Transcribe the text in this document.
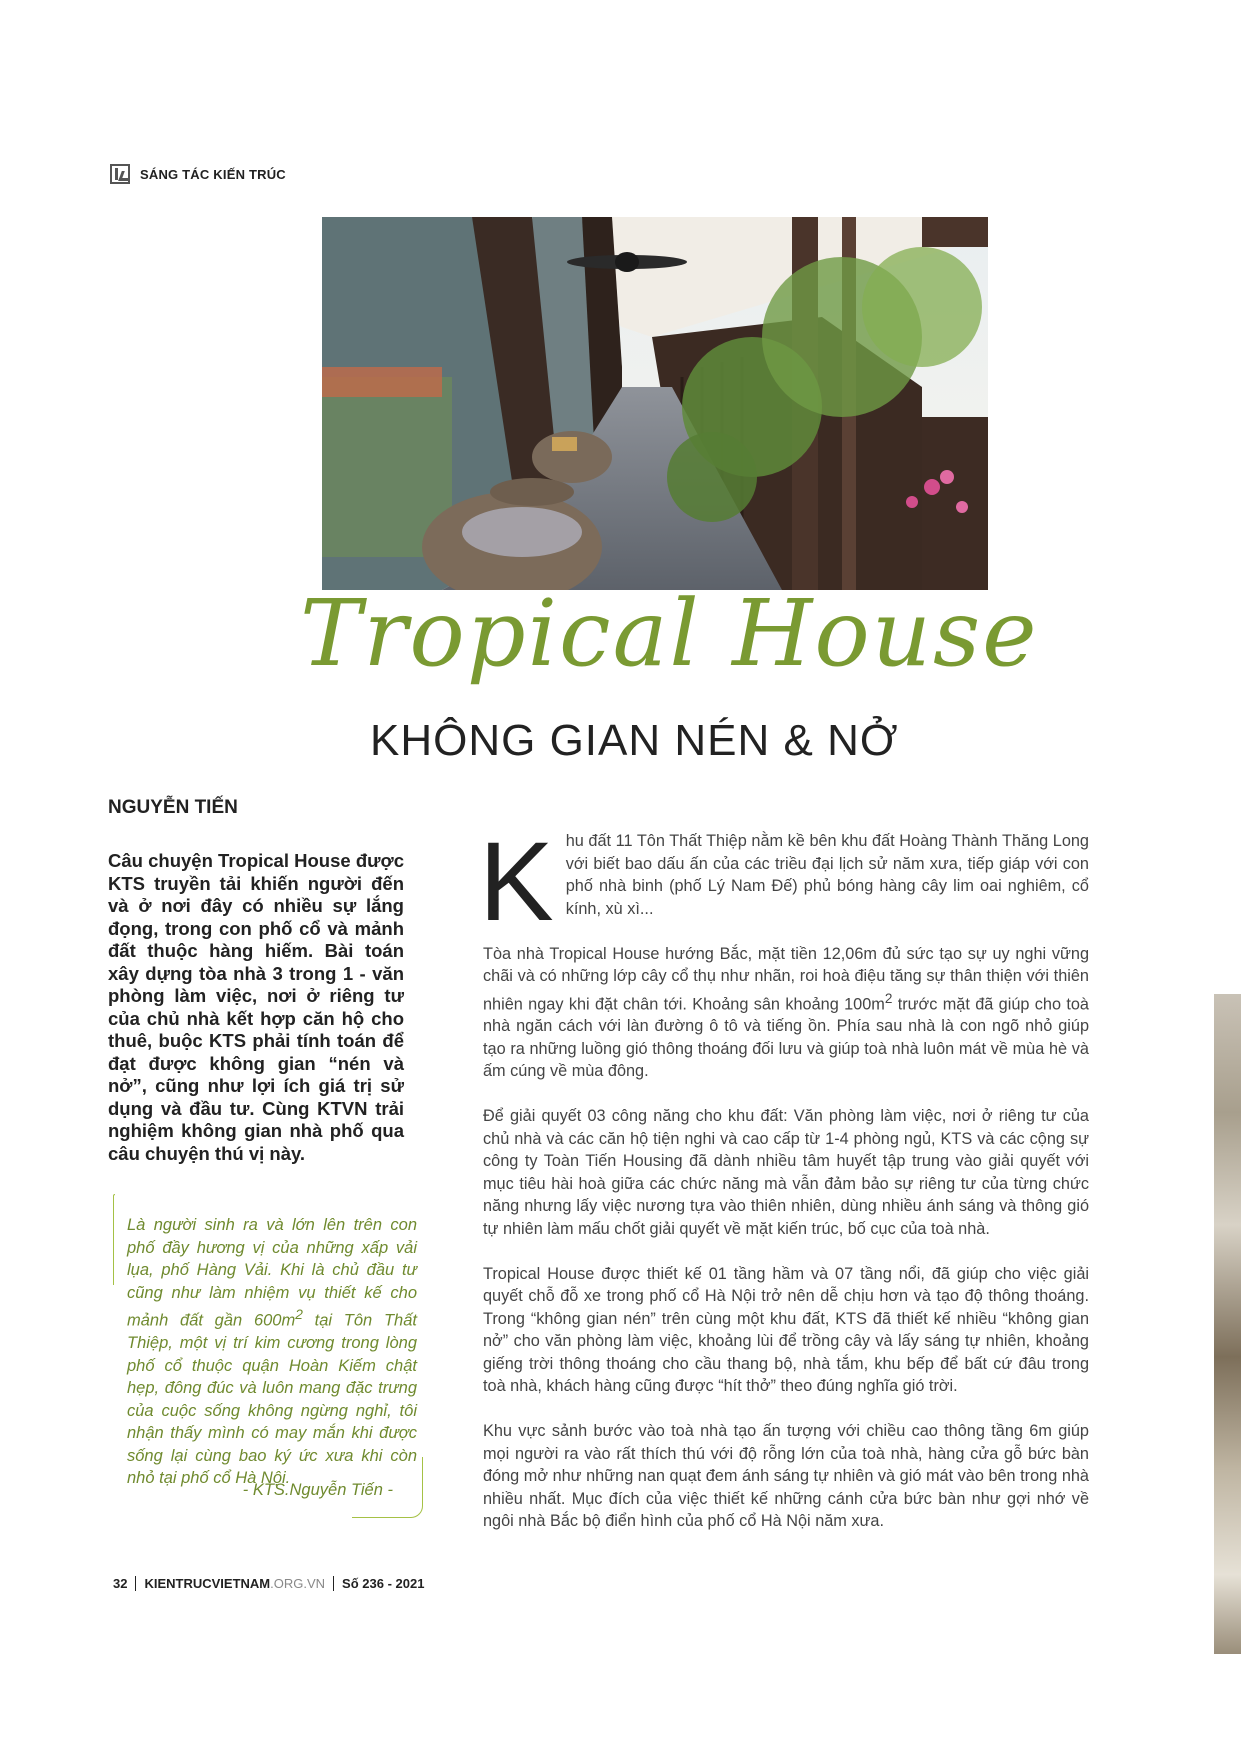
SÁNG TÁC KIẾN TRÚC
Tropical House
KHÔNG GIAN NÉN & NỞ
NGUYỄN TIẾN

Câu chuyện Tropical House được KTS truyền tải khiến người đến và ở nơi đây có nhiều sự lắng đọng, trong con phố cổ và mảnh đất thuộc hàng hiếm. Bài toán xây dựng tòa nhà 3 trong 1 - văn phòng làm việc, nơi ở riêng tư của chủ nhà kết hợp căn hộ cho thuê, buộc KTS phải tính toán để đạt được không gian “nén và nở”, cũng như lợi ích giá trị sử dụng và đầu tư. Cùng KTVN trải nghiệm không gian nhà phố qua câu chuyện thú vị này.

Là người sinh ra và lớn lên trên con phố đầy hương vị của những xấp vải lụa, phố Hàng Vải. Khi là chủ đầu tư cũng như làm nhiệm vụ thiết kế cho mảnh đất gần $600m^2$ tại Tôn Thất Thiệp, một vị trí kim cương trong lòng phố cổ thuộc quận Hoàn Kiếm chật hẹp, đông đúc và luôn mang đặc trưng của cuộc sống không ngừng nghỉ, tôi nhận thấy mình có may mắn khi được sống lại cùng bao ký ức xưa khi còn nhỏ tại phố cổ Hà Nội.

- KTS.Nguyễn Tiến -

Khu đất 11 Tôn Thất Thiệp nằm kề bên khu đất Hoàng Thành Thăng Long với biết bao dấu ấn của các triều đại lịch sử năm xưa, tiếp giáp với con phố nhà binh (phố Lý Nam Đế) phủ bóng hàng cây lim oai nghiêm, cổ kính, xù xì...

Tòa nhà Tropical House hướng Bắc, mặt tiền 12,06m đủ sức tạo sự uy nghi vững chãi và có những lớp cây cổ thụ như nhãn, roi hoà điệu tăng sự thân thiện với thiên nhiên ngay khi đặt chân tới. Khoảng sân khoảng $100m^2$ trước mặt đã giúp cho toà nhà ngăn cách với làn đường ô tô và tiếng ồn. Phía sau nhà là con ngõ nhỏ giúp tạo ra những luồng gió thông thoáng đối lưu và giúp toà nhà luôn mát về mùa hè và ấm cúng về mùa đông.

Để giải quyết 03 công năng cho khu đất: Văn phòng làm việc, nơi ở riêng tư của chủ nhà và các căn hộ tiện nghi và cao cấp từ 1-4 phòng ngủ, KTS và các cộng sự công ty Toàn Tiến Housing đã dành nhiều tâm huyết tập trung vào giải quyết với mục tiêu hài hoà giữa các chức năng mà vẫn đảm bảo sự riêng tư của từng chức năng nhưng lấy việc nương tựa vào thiên nhiên, dùng nhiều ánh sáng và thông gió tự nhiên làm mấu chốt giải quyết về mặt kiến trúc, bố cục của toà nhà.

Tropical House được thiết kế 01 tầng hầm và 07 tầng nổi, đã giúp cho việc giải quyết chỗ đỗ xe trong phố cổ Hà Nội trở nên dễ chịu hơn và tạo độ thông thoáng. Trong “không gian nén” trên cùng một khu đất, KTS đã thiết kế nhiều “không gian nở” cho văn phòng làm việc, khoảng lùi để trồng cây và lấy sáng tự nhiên, khoảng giếng trời thông thoáng cho cầu thang bộ, nhà tắm, khu bếp để bất cứ đâu trong toà nhà, khách hàng cũng được “hít thở” theo đúng nghĩa gió trời.

Khu vực sảnh bước vào toà nhà tạo ấn tượng với chiều cao thông tầng 6m giúp mọi người ra vào rất thích thú với độ rỗng lớn của toà nhà, hàng cửa gỗ bức bàn đóng mở như những nan quạt đem ánh sáng tự nhiên và gió mát vào bên trong nhà nhiều nhất. Mục đích của việc thiết kế những cánh cửa bức bàn như gợi nhớ về ngôi nhà Bắc bộ điển hình của phố cổ Hà Nội năm xưa.

32 KIENTRUCVIETNAM .ORG.VN Số 236 - 2021
